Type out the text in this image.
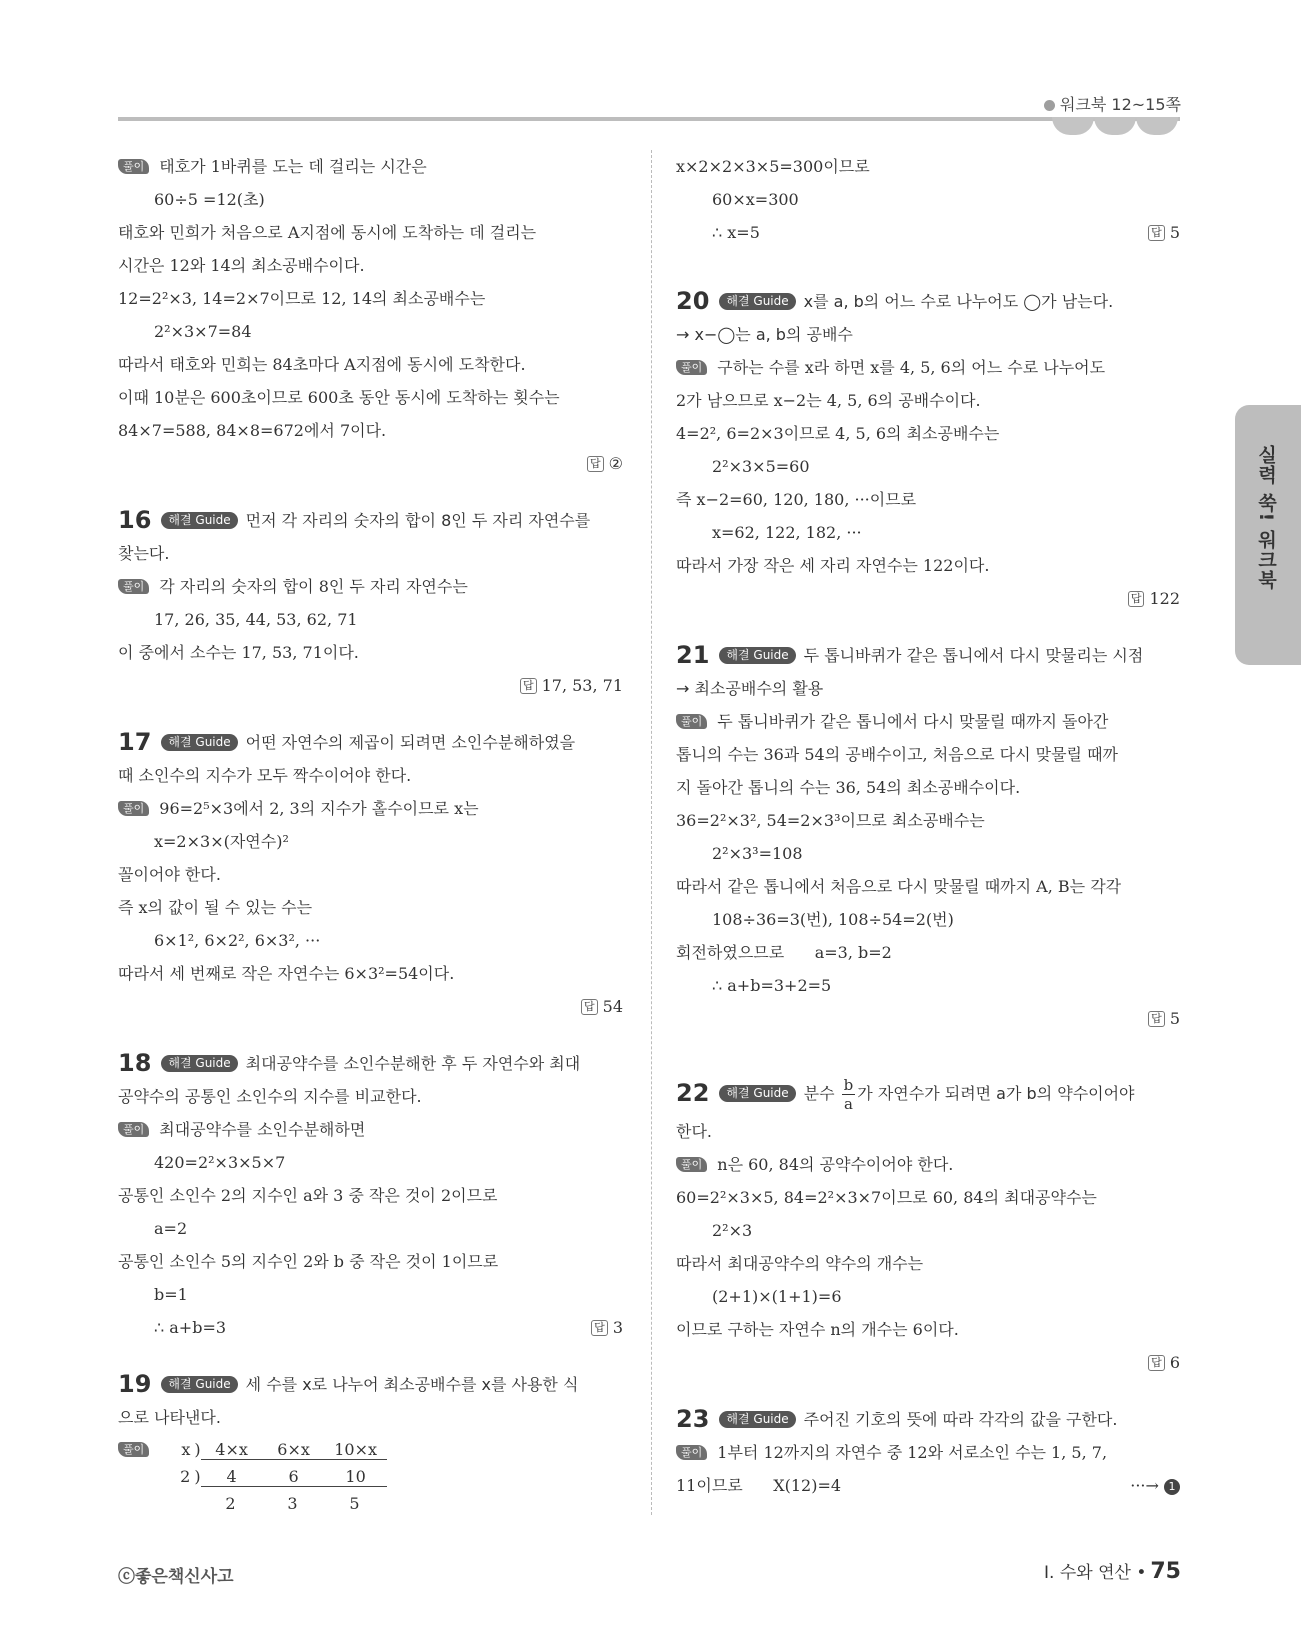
워크북 12~15쪽
실력 쑥! 워크북
풀이 태호가 1바퀴를 도는 데 걸리는 시간은
60÷5 =12(초)
태호와 민희가 처음으로 A지점에 동시에 도착하는 데 걸리는
시간은 12와 14의 최소공배수이다.
12=2²×3, 14=2×7이므로 12, 14의 최소공배수는
2²×3×7=84
따라서 태호와 민희는 84초마다 A지점에 동시에 도착한다.
이때 10분은 600초이므로 600초 동안 동시에 도착하는 횟수는
84×7=588, 84×8=672에서 7이다.
답 ②
16 해결 Guide 먼저 각 자리의 숫자의 합이 8인 두 자리 자연수를
찾는다.
풀이 각 자리의 숫자의 합이 8인 두 자리 자연수는
17, 26, 35, 44, 53, 62, 71
이 중에서 소수는 17, 53, 71이다.
답 17, 53, 71
17 해결 Guide 어떤 자연수의 제곱이 되려면 소인수분해하였을
때 소인수의 지수가 모두 짝수이어야 한다.
풀이 96=2⁵×3에서 2, 3의 지수가 홀수이므로 x는
x=2×3×(자연수)²
꼴이어야 한다.
즉 x의 값이 될 수 있는 수는
6×1², 6×2², 6×3², ···
따라서 세 번째로 작은 자연수는 6×3²=54이다.
답 54
18 해결 Guide 최대공약수를 소인수분해한 후 두 자연수와 최대
공약수의 공통인 소인수의 지수를 비교한다.
풀이 최대공약수를 소인수분해하면
420=2²×3×5×7
공통인 소인수 2의 지수인 a와 3 중 작은 것이 2이므로
a=2
공통인 소인수 5의 지수인 2와 b 중 작은 것이 1이므로
b=1
∴ a+b=3	답 3
19 해결 Guide 세 수를 x로 나누어 최소공배수를 x를 사용한 식
으로 나타낸다.
풀이	x ) 4×x 6×x 10×x
2 ) 4	6	10
2	3	5
x×2×2×3×5=300이므로
60×x=300
∴ x=5	답 5
20 해결 Guide x를 a, b의 어느 수로 나누어도 ◯가 남는다.
→ x−◯는 a, b의 공배수
풀이 구하는 수를 x라 하면 x를 4, 5, 6의 어느 수로 나누어도
2가 남으므로 x−2는 4, 5, 6의 공배수이다.
4=2², 6=2×3이므로 4, 5, 6의 최소공배수는
2²×3×5=60
즉 x−2=60, 120, 180, ···이므로
x=62, 122, 182, ···
따라서 가장 작은 세 자리 자연수는 122이다.
답 122
21 해결 Guide 두 톱니바퀴가 같은 톱니에서 다시 맞물리는 시점
→ 최소공배수의 활용
풀이 두 톱니바퀴가 같은 톱니에서 다시 맞물릴 때까지 돌아간
톱니의 수는 36과 54의 공배수이고, 처음으로 다시 맞물릴 때까
지 돌아간 톱니의 수는 36, 54의 최소공배수이다.
36=2²×3², 54=2×3³이므로 최소공배수는
2²×3³=108
따라서 같은 톱니에서 처음으로 다시 맞물릴 때까지 A, B는 각각
108÷36=3(번), 108÷54=2(번)
회전하였으므로      a=3, b=2
∴ a+b=3+2=5
답 5
22 해결 Guide 분수 $\frac{b}{a}$ 가 자연수가 되려면 a가 b의 약수이어야
한다.
풀이 n은 60, 84의 공약수이어야 한다.
60=2²×3×5, 84=2²×3×7이므로 60, 84의 최대공약수는
2²×3
따라서 최대공약수의 약수의 개수는
(2+1)×(1+1)=6
이므로 구하는 자연수 n의 개수는 6이다.
답 6
23 해결 Guide 주어진 기호의 뜻에 따라 각각의 값을 구한다.
풀이 1부터 12까지의 자연수 중 12와 서로소인 수는 1, 5, 7,
11이므로      X(12)=4	···→ 1
ⓒ좋은책신사고	Ⅰ. 수와 연산 • 75
